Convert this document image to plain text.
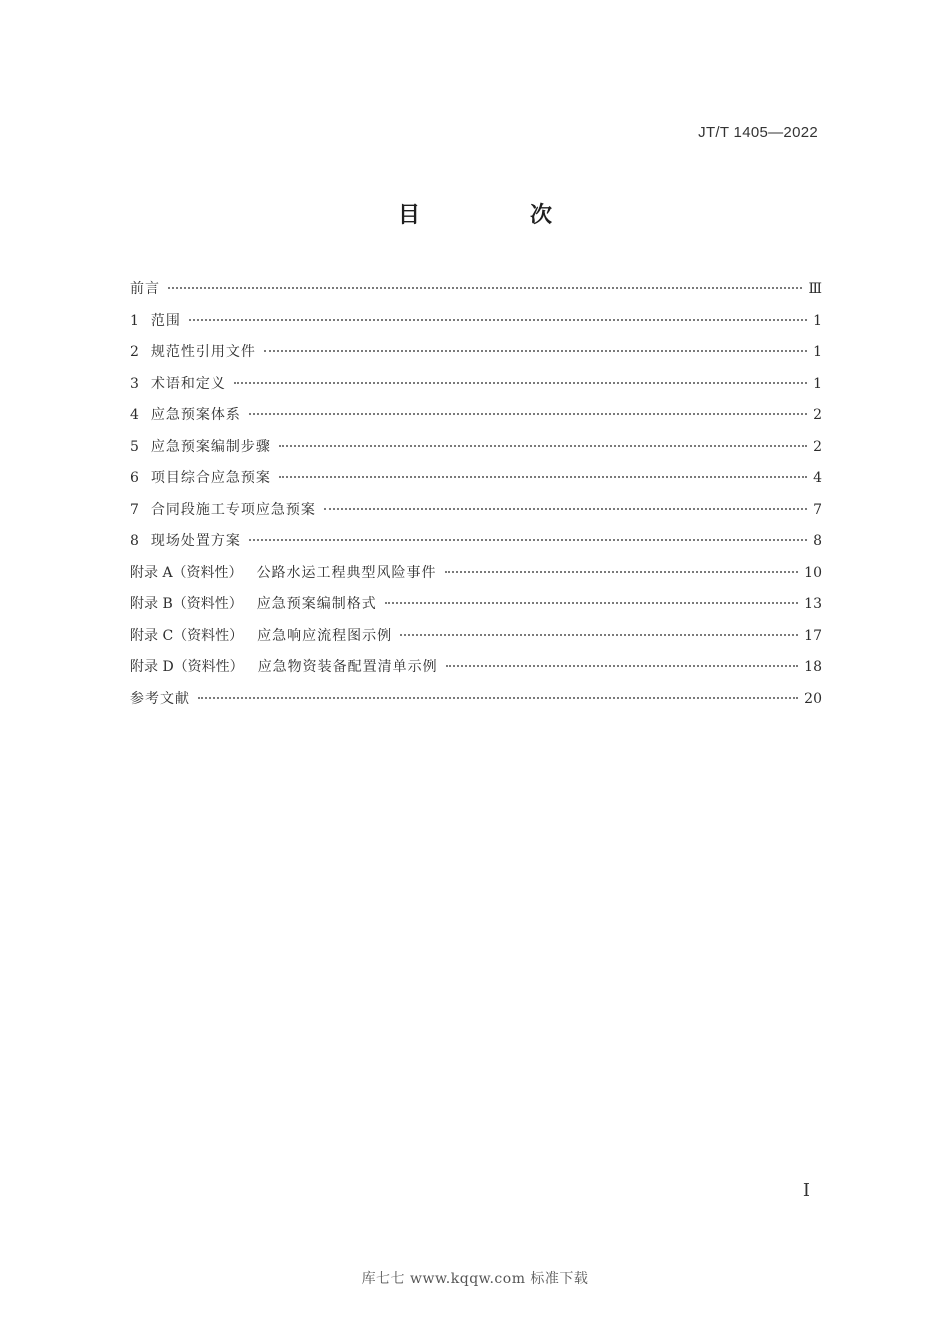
JT/T 1405—2022
目　次
前言	Ⅲ
1 范围	1
2 规范性引用文件	1
3 术语和定义	1
4 应急预案体系	2
5 应急预案编制步骤	2
6 项目综合应急预案	4
7 合同段施工专项应急预案	7
8 现场处置方案	8
附录 A（资料性） 公路水运工程典型风险事件	10
附录 B（资料性） 应急预案编制格式	13
附录 C（资料性） 应急响应流程图示例	17
附录 D（资料性） 应急物资装备配置清单示例	18
参考文献	20
Ⅰ
库七七 www.kqqw.com 标准下载
